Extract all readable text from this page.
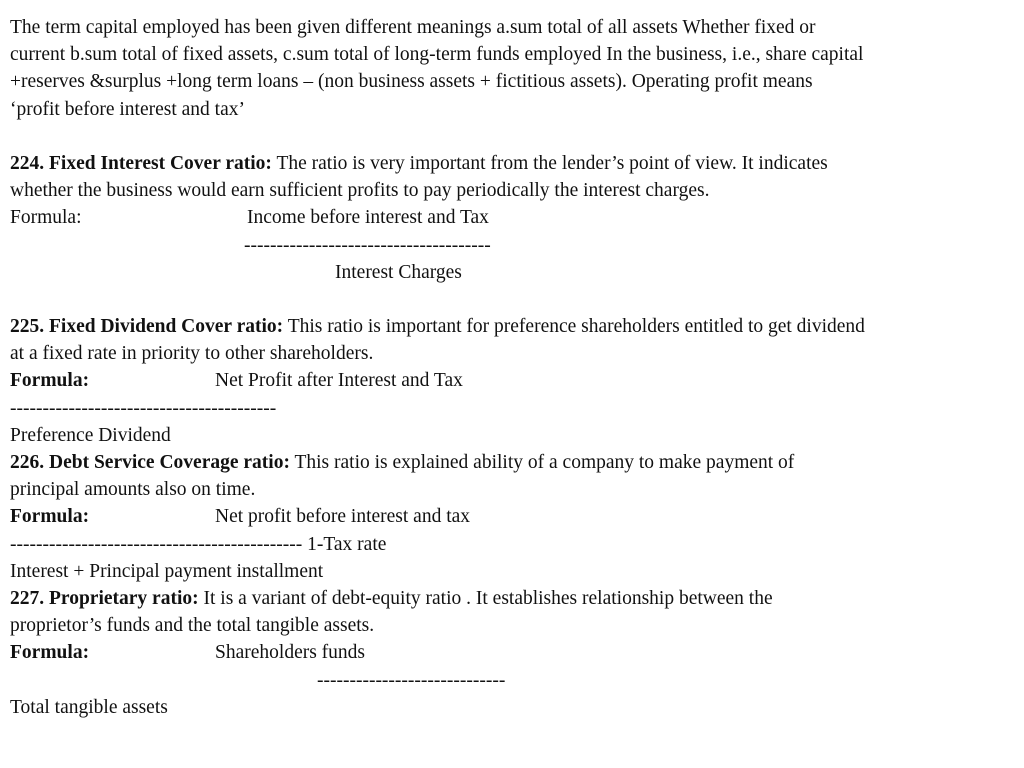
The term capital employed has been given different meanings a.sum total of all assets Whether fixed or
current b.sum total of fixed assets, c.sum total of long-term funds employed In the business, i.e., share capital
+reserves &surplus +long term loans – (non business assets + fictitious assets). Operating profit means
‘profit before interest and tax’
224. Fixed Interest Cover ratio: The ratio is very important from the lender’s point of view. It indicates
whether the business would earn sufficient profits to pay periodically the interest charges.
Formula:	Income before interest and Tax
--------------------------------------
Interest Charges
225. Fixed Dividend Cover ratio: This ratio is important for preference shareholders entitled to get dividend
at a fixed rate in priority to other shareholders.
Formula:	Net Profit after Interest and Tax
-----------------------------------------
Preference Dividend
226. Debt Service Coverage ratio: This ratio is explained ability of a company to make payment of
principal amounts also on time.
Formula:	Net profit before interest and tax
--------------------------------------------- 1-Tax rate
Interest + Principal payment installment
227. Proprietary ratio: It is a variant of debt-equity ratio . It establishes relationship between the
proprietor’s funds and the total tangible assets.
Formula:	Shareholders funds
-----------------------------
Total tangible assets
